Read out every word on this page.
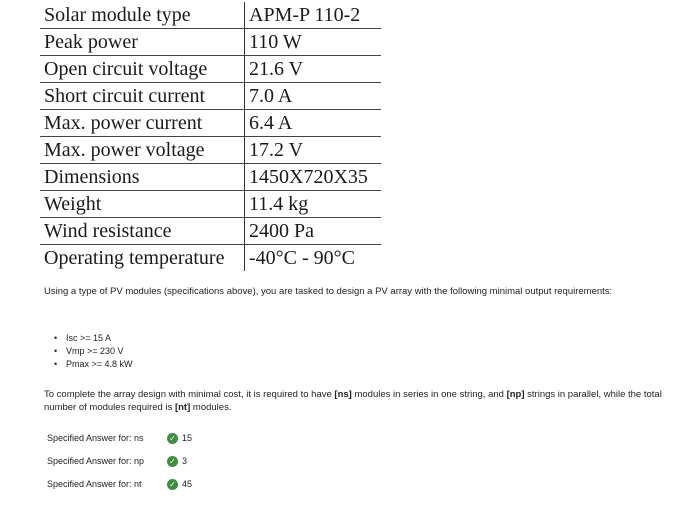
Solar module type	APM-P 110-2
Peak power	110 W
Open circuit voltage	21.6 V
Short circuit current	7.0 A
Max. power current	6.4 A
Max. power voltage	17.2 V
Dimensions	1450X720X35
Weight	11.4 kg
Wind resistance	2400 Pa
Operating temperature	-40°C - 90°C
Using a type of PV modules (specifications above), you are tasked to design a PV array with the following minimal output requirements:
• Isc >= 15 A
• Vmp >= 230 V
• Pmax >= 4.8 kW
To complete the array design with minimal cost, it is required to have [ns] modules in series in one string, and [np] strings in parallel, while the total number of modules required is [nt] modules.
Specified Answer for: ns	✓ 15
Specified Answer for: np	✓ 3
Specified Answer for: nt	✓ 45
